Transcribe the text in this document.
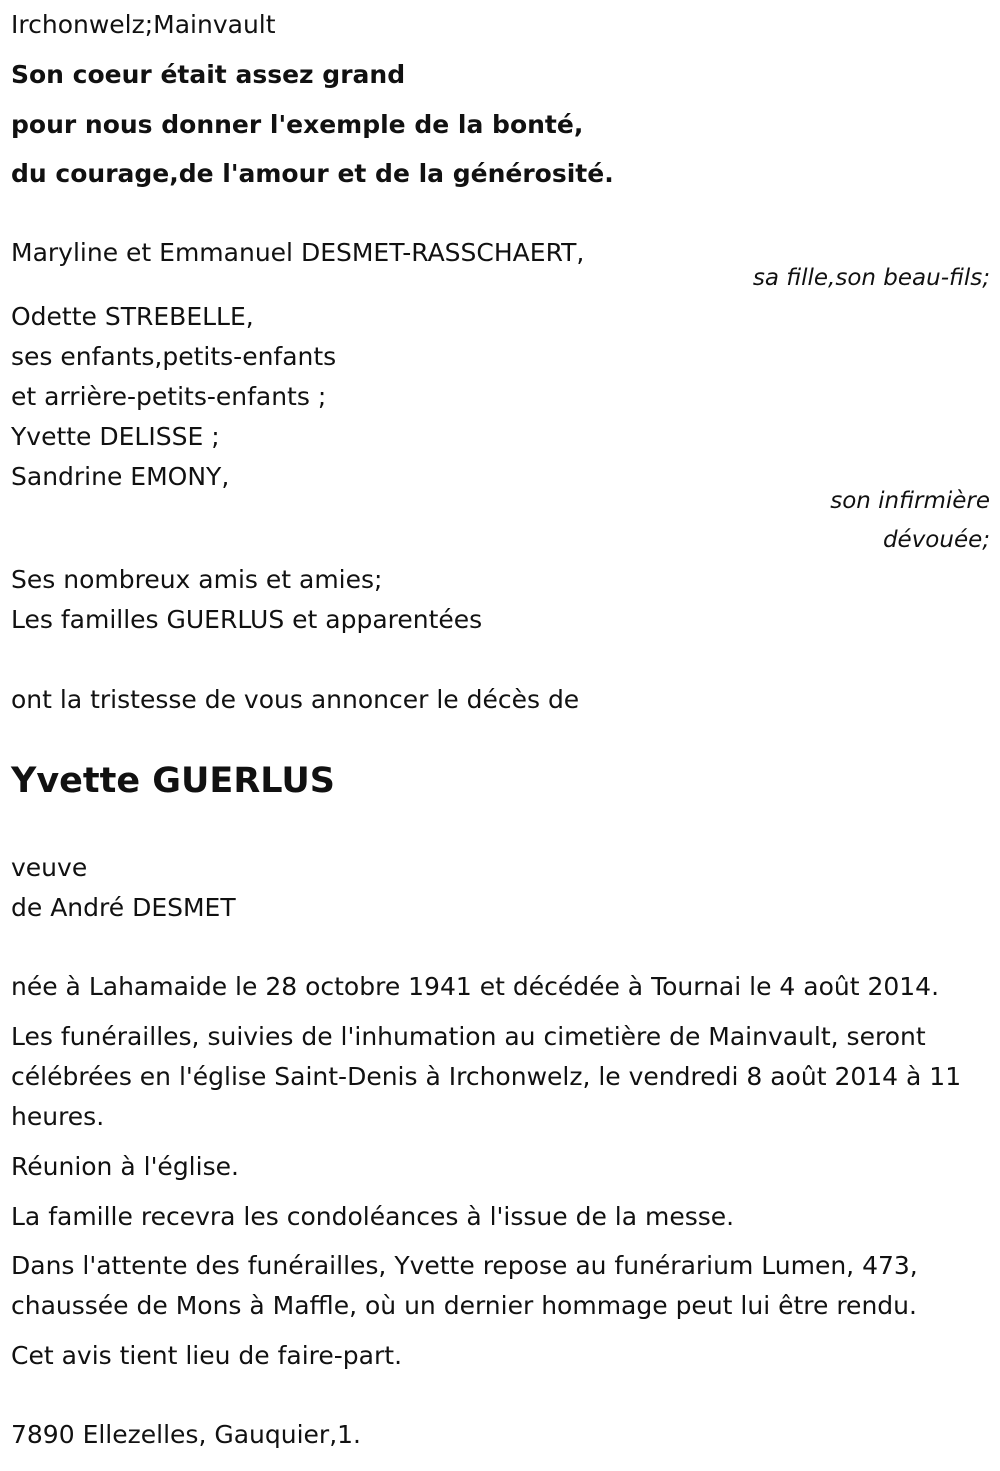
Irchonwelz;Mainvault
Son coeur était assez grand
pour nous donner l'exemple de la bonté,
du courage,de l'amour et de la générosité.
Maryline et Emmanuel DESMET-RASSCHAERT,
sa fille,son beau-fils;
Odette STREBELLE,
ses enfants,petits-enfants
et arrière-petits-enfants ;
Yvette DELISSE ;
Sandrine EMONY,
son infirmière
dévouée;
Ses nombreux amis et amies;
Les familles GUERLUS et apparentées
ont la tristesse de vous annoncer le décès de
Yvette GUERLUS
veuve
de André DESMET
née à Lahamaide le 28 octobre 1941 et décédée à Tournai le 4 août 2014.
Les funérailles, suivies de l'inhumation au cimetière de Mainvault, seront célébrées en l'église Saint-Denis à Irchonwelz, le vendredi 8 août 2014 à 11 heures.
Réunion à l'église.
La famille recevra les condoléances à l'issue de la messe.
Dans l'attente des funérailles, Yvette repose au funérarium Lumen, 473, chaussée de Mons à Maffle, où un dernier hommage peut lui être rendu.
Cet avis tient lieu de faire-part.
7890 Ellezelles, Gauquier,1.
